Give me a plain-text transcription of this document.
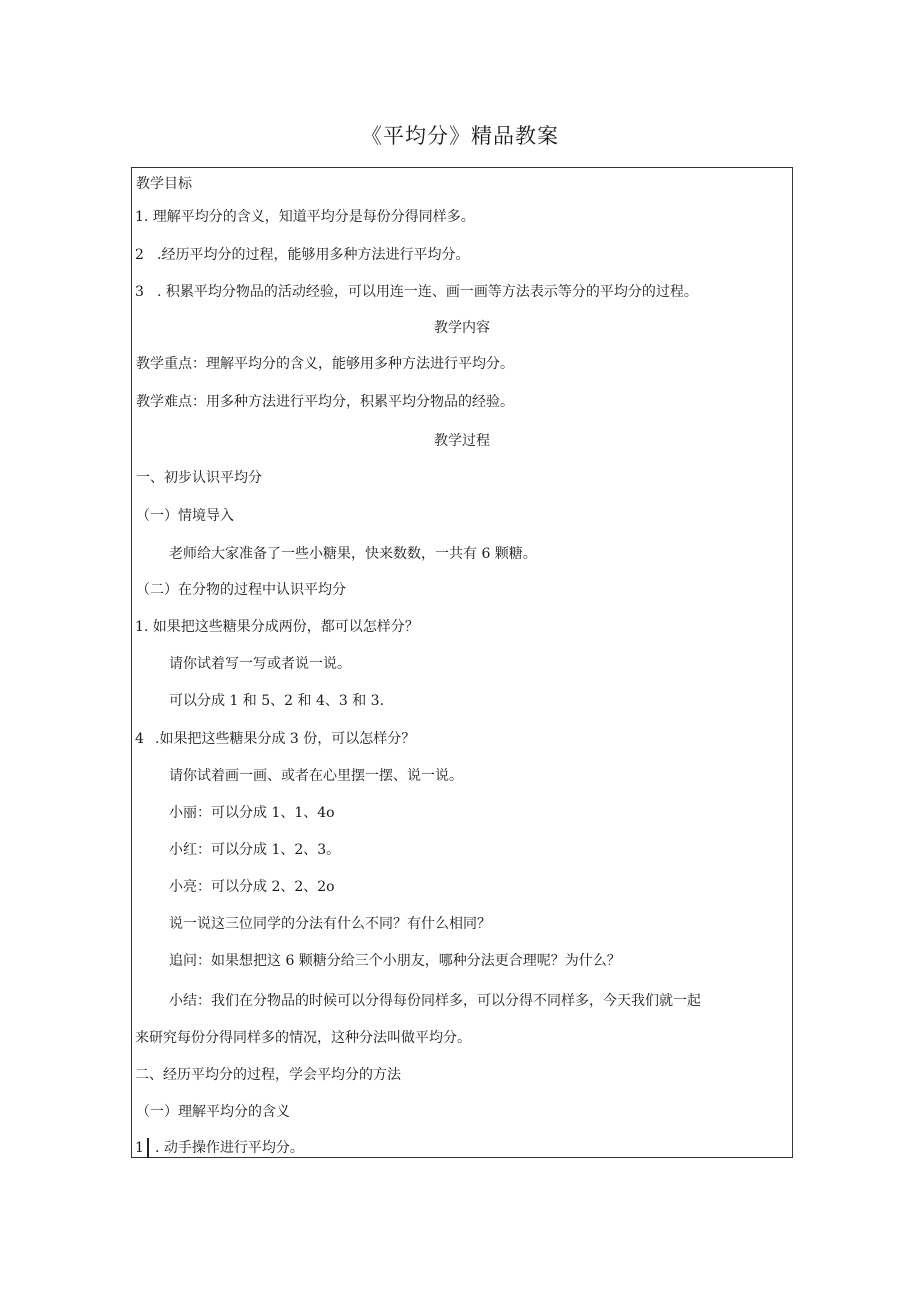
《平均分》精品教案
教学目标
1. 理解平均分的含义，知道平均分是每份分得同样多。
2 .经历平均分的过程，能够用多种方法进行平均分。
3 . 积累平均分物品的活动经验，可以用连一连、画一画等方法表示等分的平均分的过程。
教学内容
教学重点：理解平均分的含义，能够用多种方法进行平均分。
教学难点：用多种方法进行平均分，积累平均分物品的经验。
教学过程
一、初步认识平均分
（一）情境导入
老师给大家准备了一些小糖果，快来数数，一共有 6 颗糖。
（二）在分物的过程中认识平均分
1. 如果把这些糖果分成两份，都可以怎样分？
请你试着写一写或者说一说。
可以分成 1 和 5、2 和 4、3 和 3.
4 .如果把这些糖果分成 3 份，可以怎样分？
请你试着画一画、或者在心里摆一摆、说一说。
小丽：可以分成 1、1、4o
小红：可以分成 1、2、3。
小亮：可以分成 2、2、2o
说一说这三位同学的分法有什么不同？有什么相同？
追问：如果想把这 6 颗糖分给三个小朋友，哪种分法更合理呢？为什么？
小结：我们在分物品的时候可以分得每份同样多，可以分得不同样多，今天我们就一起
来研究每份分得同样多的情况，这种分法叫做平均分。
二、经历平均分的过程，学会平均分的方法
（一）理解平均分的含义
1 . 动手操作进行平均分。
